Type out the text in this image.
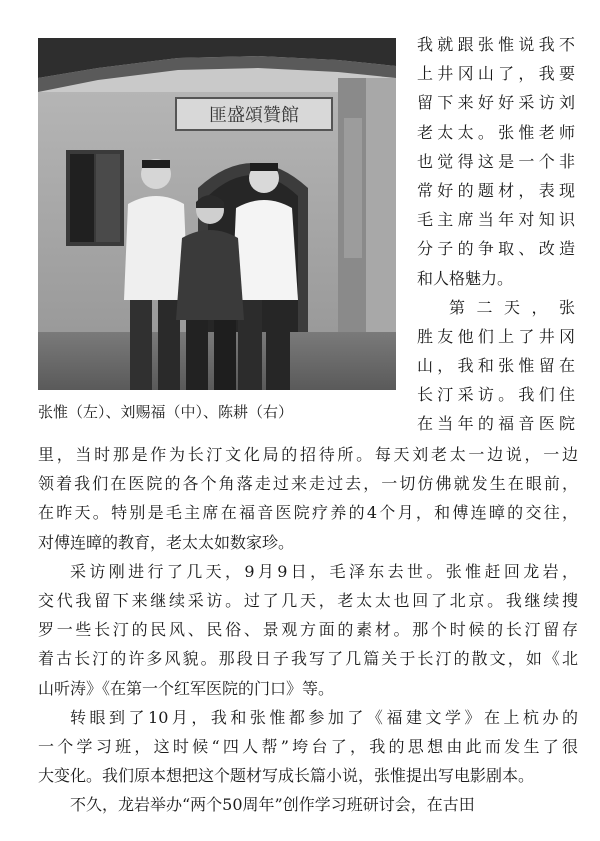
匪盛頌贊館
张惟（左）、刘赐福（中）、陈耕（右）

我就跟张惟说我不
上井冈山了，我要
留下来好好采访刘
老太太。张惟老师
也觉得这是一个非
常好的题材，表现
毛主席当年对知识
分子的争取、改造
和人格魅力。

第二天，张
胜友他们上了井冈
山，我和张惟留在
长汀采访。我们住
在当年的福音医院

里，当时那是作为长汀文化局的招待所。每天刘老太一边说，一边
领着我们在医院的各个角落走过来走过去，一切仿佛就发生在眼前，
在昨天。特别是毛主席在福音医院疗养的4个月，和傅连暲的交往，
对傅连暲的教育，老太太如数家珍。

采访刚进行了几天，9月9日，毛泽东去世。张惟赶回龙岩，
交代我留下来继续采访。过了几天，老太太也回了北京。我继续搜
罗一些长汀的民风、民俗、景观方面的素材。那个时候的长汀留存
着古长汀的许多风貌。那段日子我写了几篇关于长汀的散文，如《北
山听涛》《在第一个红军医院的门口》等。

转眼到了10月，我和张惟都参加了《福建文学》在上杭办的
一个学习班，这时候“四人帮”垮台了，我的思想由此而发生了很
大变化。我们原本想把这个题材写成长篇小说，张惟提出写电影剧本。

不久，龙岩举办“两个50周年”创作学习班研讨会，在古田
